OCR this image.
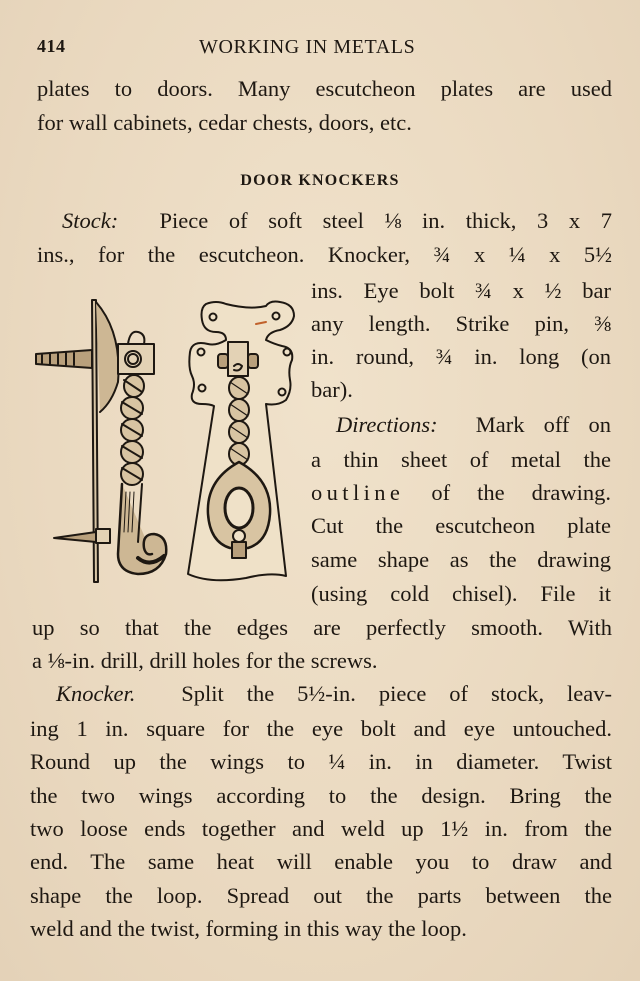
414	WORKING IN METALS
plates to doors. Many escutcheon plates are used
for wall cabinets, cedar chests, doors, etc.
DOOR KNOCKERS
Stock: Piece of soft steel ⅛ in. thick, 3 x 7
ins., for the escutcheon. Knocker, ¾ x ¼ x 5½
ins. Eye bolt ¾ x ½ bar
any length. Strike pin, ⅜
in. round, ¾ in. long (on
bar).
Directions: Mark off on
a thin sheet of metal the
outline of the drawing.
Cut the escutcheon plate
same shape as the drawing
(using cold chisel). File it
up so that the edges are perfectly smooth. With
a ⅛-in. drill, drill holes for the screws.
Knocker. Split the 5½-in. piece of stock, leav-
ing 1 in. square for the eye bolt and eye untouched.
Round up the wings to ¼ in. in diameter. Twist
the two wings according to the design. Bring the
two loose ends together and weld up 1½ in. from the
end. The same heat will enable you to draw and
shape the loop. Spread out the parts between the
weld and the twist, forming in this way the loop.
